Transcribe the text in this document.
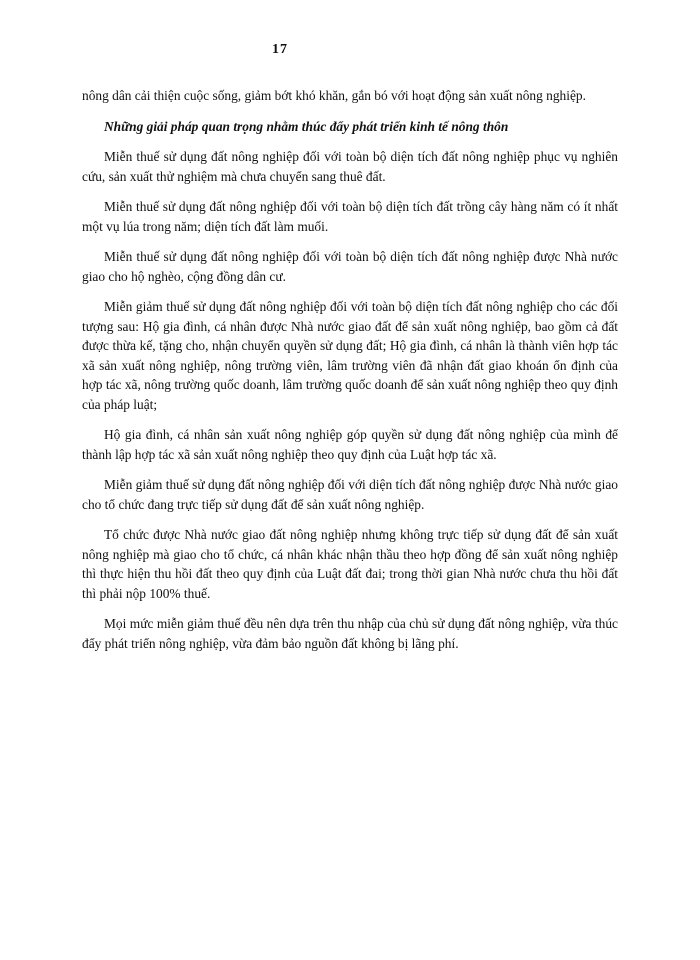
17

nông dân cải thiện cuộc sống, giảm bớt khó khăn, gắn bó với hoạt động sản xuất nông nghiệp.

Những giải pháp quan trọng nhằm thúc đẩy phát triển kinh tế nông thôn

Miễn thuế sử dụng đất nông nghiệp đối với toàn bộ diện tích đất nông nghiệp phục vụ nghiên cứu, sản xuất thử nghiệm mà chưa chuyển sang thuê đất.

Miễn thuế sử dụng đất nông nghiệp đối với toàn bộ diện tích đất trồng cây hàng năm có ít nhất một vụ lúa trong năm; diện tích đất làm muối.

Miễn thuế sử dụng đất nông nghiệp đối với toàn bộ diện tích đất nông nghiệp được Nhà nước giao cho hộ nghèo, cộng đồng dân cư.

Miễn giảm thuế sử dụng đất nông nghiệp đối với toàn bộ diện tích đất nông nghiệp cho các đối tượng sau: Hộ gia đình, cá nhân được Nhà nước giao đất để sản xuất nông nghiệp, bao gồm cả đất được thừa kế, tặng cho, nhận chuyển quyền sử dụng đất; Hộ gia đình, cá nhân là thành viên hợp tác xã sản xuất nông nghiệp, nông trường viên, lâm trường viên đã nhận đất giao khoán ổn định của hợp tác xã, nông trường quốc doanh, lâm trường quốc doanh để sản xuất nông nghiệp theo quy định của pháp luật;

Hộ gia đình, cá nhân sản xuất nông nghiệp góp quyền sử dụng đất nông nghiệp của mình để thành lập hợp tác xã sản xuất nông nghiệp theo quy định của Luật hợp tác xã.

Miễn giảm thuế sử dụng đất nông nghiệp đối với diện tích đất nông nghiệp được Nhà nước giao cho tổ chức đang trực tiếp sử dụng đất để sản xuất nông nghiệp.

Tổ chức được Nhà nước giao đất nông nghiệp nhưng không trực tiếp sử dụng đất để sản xuất nông nghiệp mà giao cho tổ chức, cá nhân khác nhận thầu theo hợp đồng để sản xuất nông nghiệp thì thực hiện thu hồi đất theo quy định của Luật đất đai; trong thời gian Nhà nước chưa thu hồi đất thì phải nộp 100% thuế.

Mọi mức miễn giảm thuế đều nên dựa trên thu nhập của chủ sử dụng đất nông nghiệp, vừa thúc đẩy phát triển nông nghiệp, vừa đảm bảo nguồn đất không bị lãng phí.
